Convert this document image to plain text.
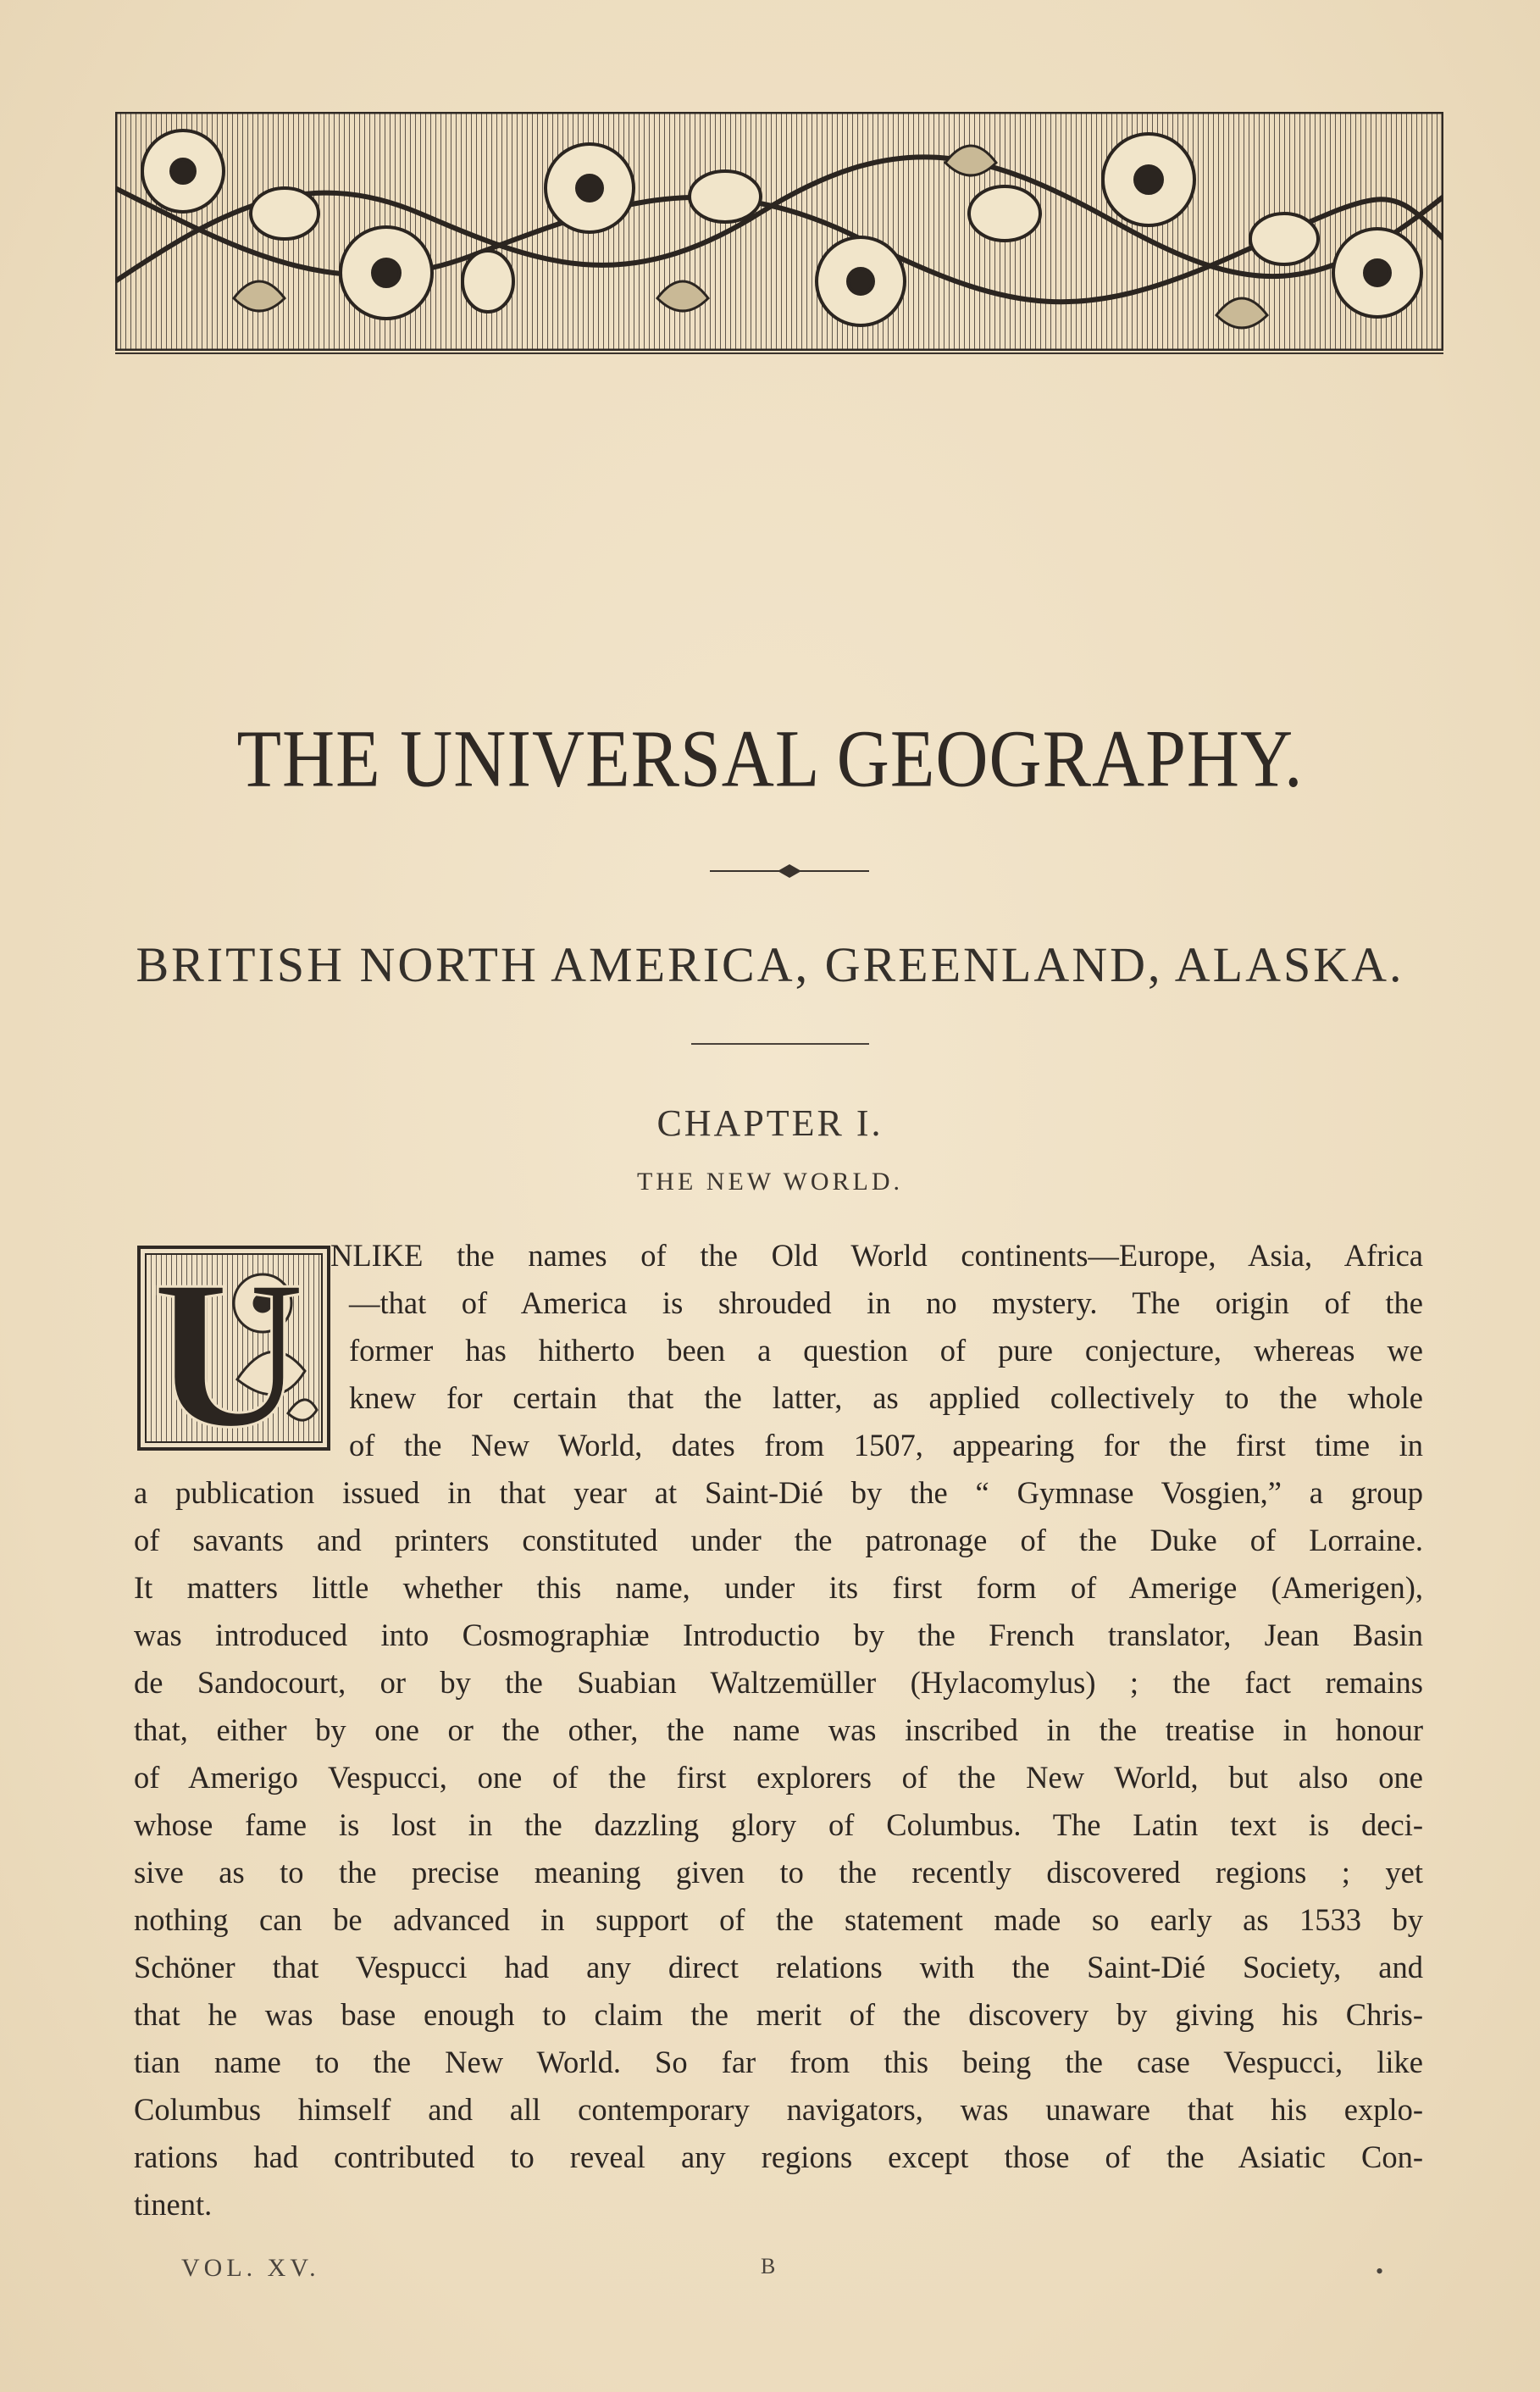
THE UNIVERSAL GEOGRAPHY.
BRITISH NORTH AMERICA, GREENLAND, ALASKA.
CHAPTER I.
THE NEW WORLD.
U NLIKE the names of the Old World continents—Europe, Asia, Africa
—that of America is shrouded in no mystery. The origin of the
former has hitherto been a question of pure conjecture, whereas we
knew for certain that the latter, as applied collectively to the whole
of the New World, dates from 1507, appearing for the first time in
a publication issued in that year at Saint-Dié by the “ Gymnase Vosgien,” a group
of savants and printers constituted under the patronage of the Duke of Lorraine.
It matters little whether this name, under its first form of Amerige (Amerigen),
was introduced into Cosmographiæ Introductio by the French translator, Jean Basin
de Sandocourt, or by the Suabian Waltzemüller (Hylacomylus) ; the fact remains
that, either by one or the other, the name was inscribed in the treatise in honour
of Amerigo Vespucci, one of the first explorers of the New World, but also one
whose fame is lost in the dazzling glory of Columbus. The Latin text is deci-
sive as to the precise meaning given to the recently discovered regions ; yet
nothing can be advanced in support of the statement made so early as 1533 by
Schöner that Vespucci had any direct relations with the Saint-Dié Society, and
that he was base enough to claim the merit of the discovery by giving his Chris-
tian name to the New World. So far from this being the case Vespucci, like
Columbus himself and all contemporary navigators, was unaware that his explo-
rations had contributed to reveal any regions except those of the Asiatic Con-
tinent.
VOL. XV.	B	•
